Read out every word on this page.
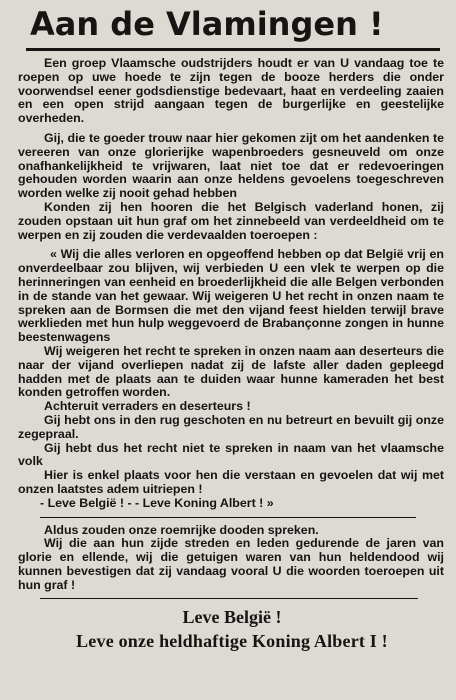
Aan de Vlamingen !

Een groep Vlaamsche oudstrijders houdt er van U vandaag toe te roepen op uwe hoede te zijn tegen de booze herders die onder voorwendsel eener godsdienstige bedevaart, haat en verdeeling zaaien en een open strijd aangaan tegen de burgerlijke en geestelijke overheden.

Gij, die te goeder trouw naar hier gekomen zijt om het aandenken te vereeren van onze glorierijke wapenbroeders gesneuveld om onze onafhankelijkheid te vrijwaren, laat niet toe dat er redevoeringen gehouden worden waarin aan onze heldens gevoelens toegeschreven worden welke zij nooit gehad hebben

Konden zij hen hooren die het Belgisch vaderland honen, zij zouden opstaan uit hun graf om het zinnebeeld van verdeeldheid om te werpen en zij zouden die verdevaalden toeroepen :

« Wij die alles verloren en opgeoffend hebben op dat België vrij en onverdeelbaar zou blijven, wij verbieden U een vlek te werpen op die herinneringen van eenheid en broederlijkheid die alle Belgen verbonden in de stande van het gewaar. Wij weigeren U het recht in onzen naam te spreken aan de Bormsen die met den vijand feest hielden terwijl brave werklieden met hun hulp weggevoerd de Brabançonne zongen in hunne beestenwagens

Wij weigeren het recht te spreken in onzen naam aan deserteurs die naar der vijand overliepen nadat zij de lafste aller daden gepleegd hadden met de plaats aan te duiden waar hunne kameraden het best konden getroffen worden.

Achteruit verraders en deserteurs !

Gij hebt ons in den rug geschoten en nu betreurt en bevuilt gij onze zegepraal.

Gij hebt dus het recht niet te spreken in naam van het vlaamsche volk

Hier is enkel plaats voor hen die verstaan en gevoelen dat wij met onzen laatstes adem uitriepen !

- Leve België ! - - Leve Koning Albert ! »

Aldus zouden onze roemrijke dooden spreken.

Wij die aan hun zijde streden en leden gedurende de jaren van glorie en ellende, wij die getuigen waren van hun heldendood wij kunnen bevestigen dat zij vandaag vooral U die woorden toeroepen uit hun graf !

Leve België !
Leve onze heldhaftige Koning Albert I !
